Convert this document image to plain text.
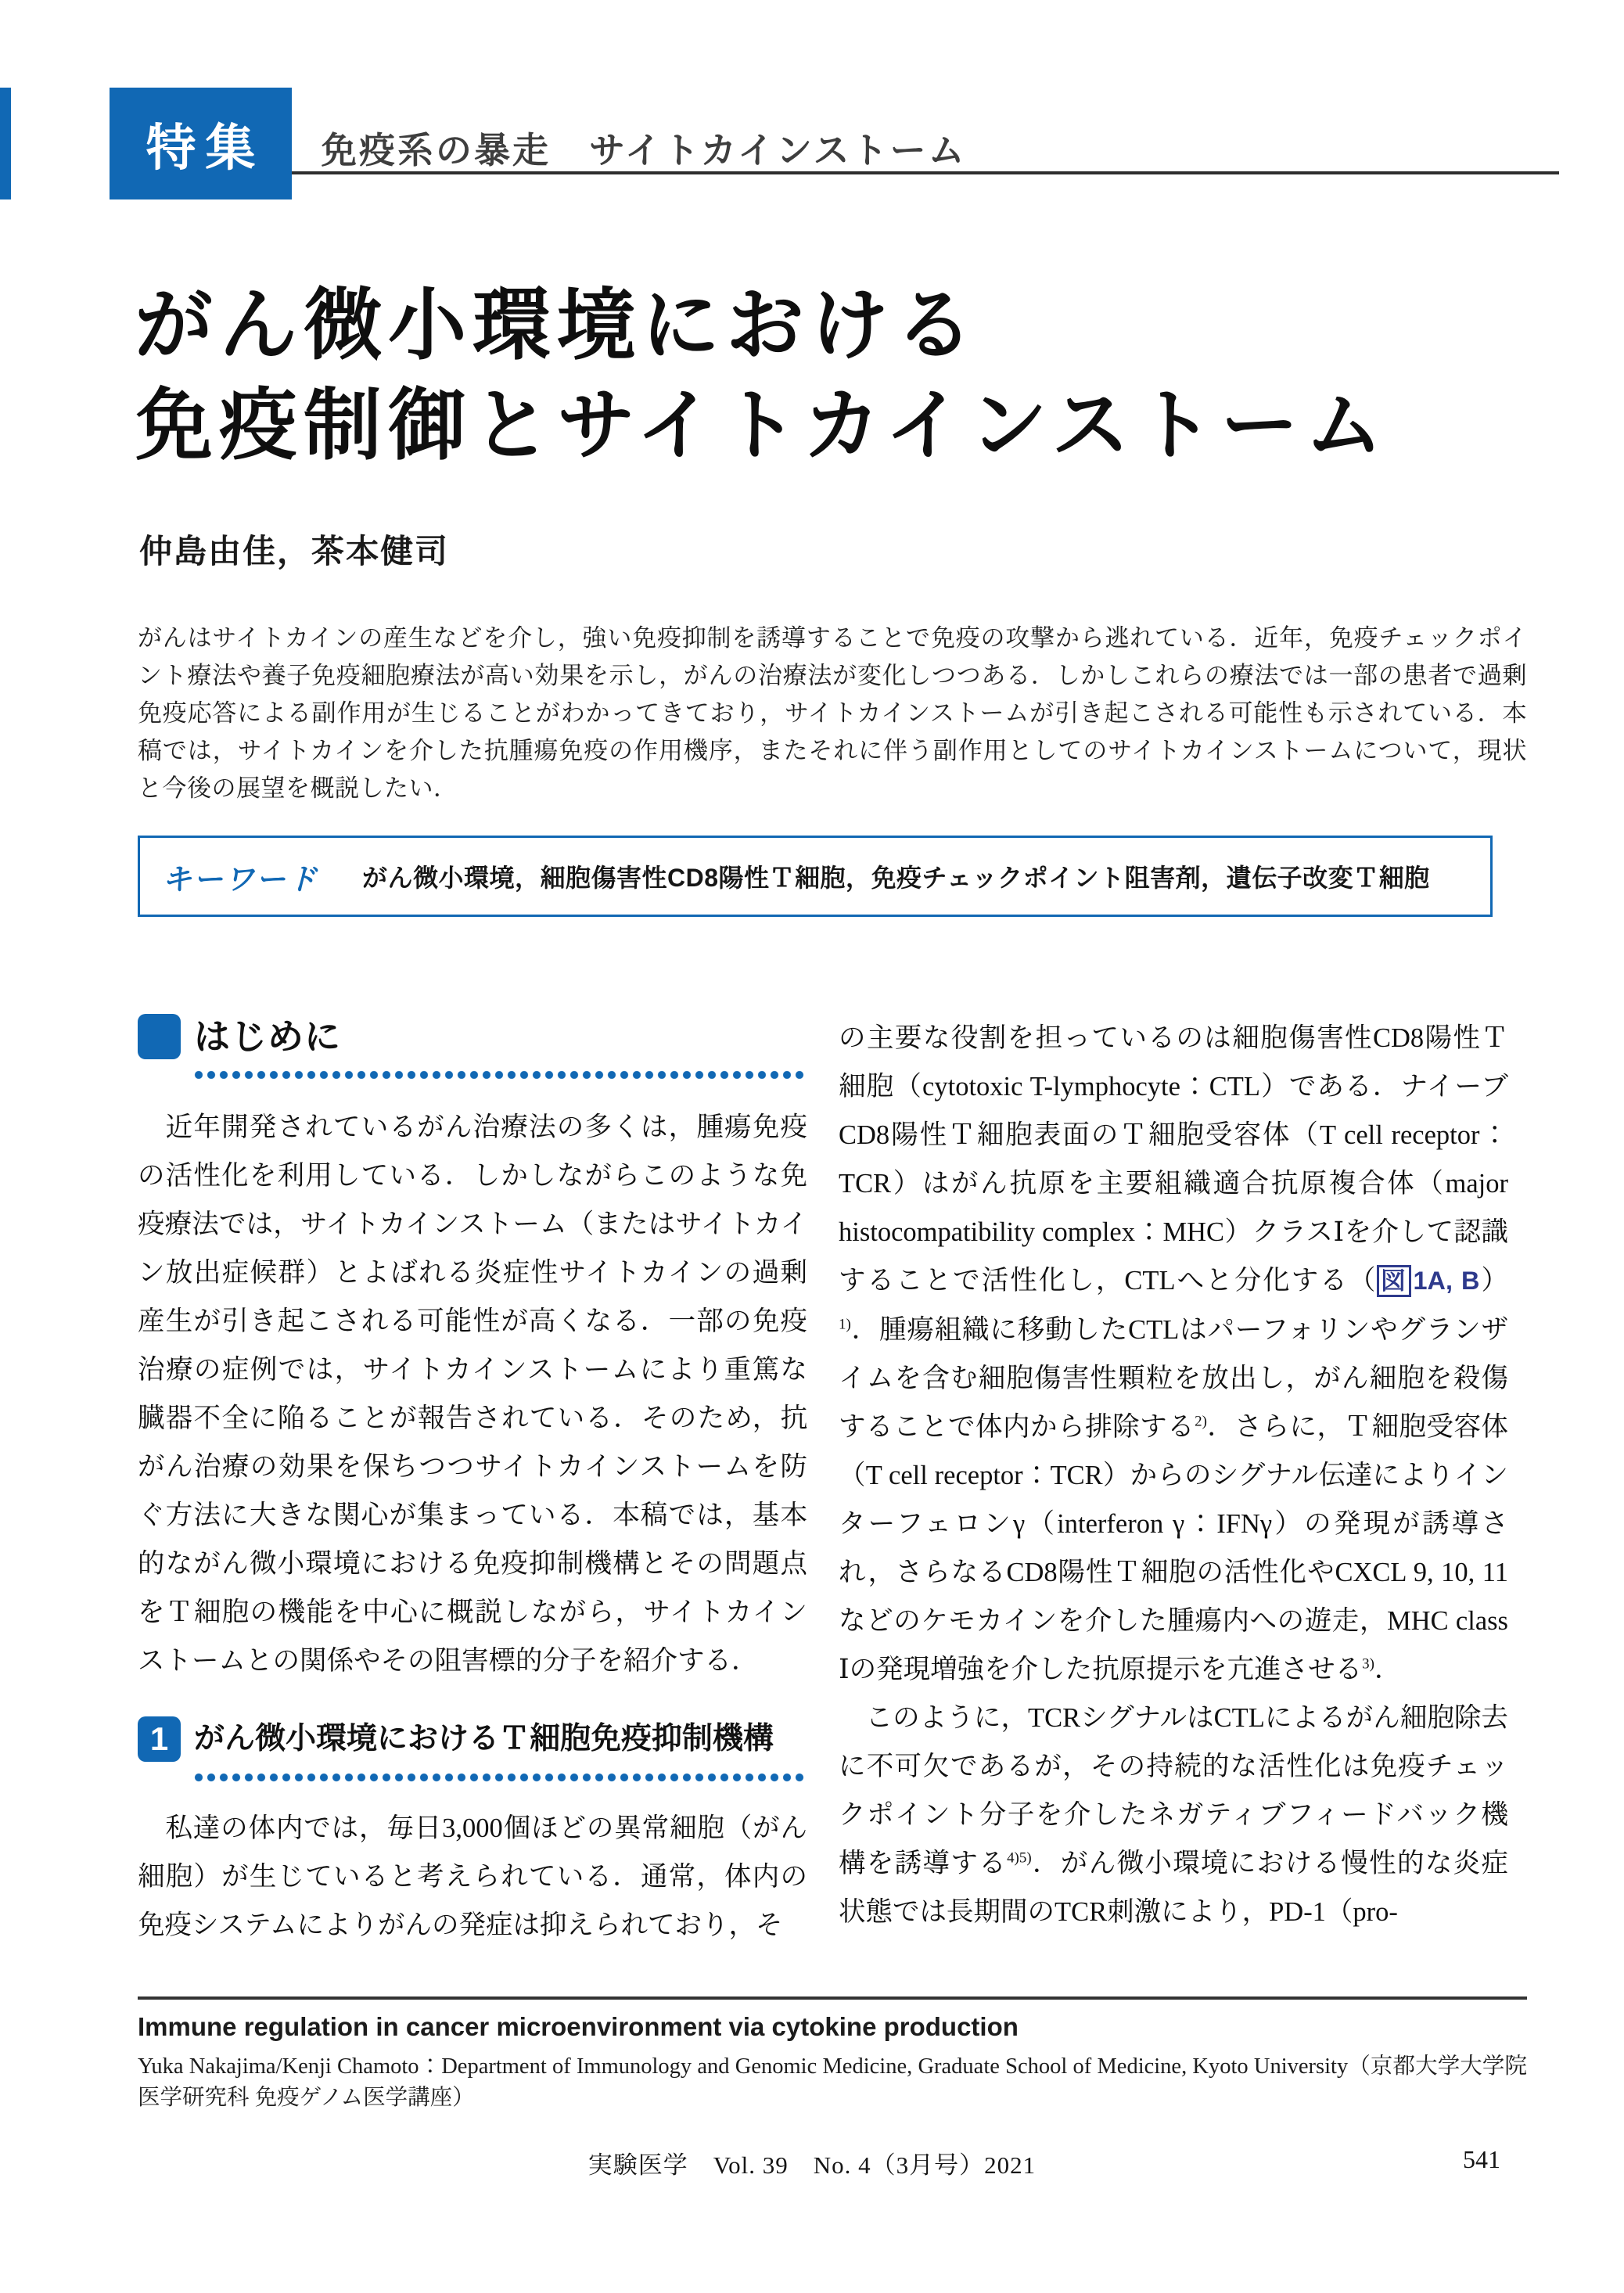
特集 免疫系の暴走　サイトカインストーム
がん微小環境における
免疫制御とサイトカインストーム
仲島由佳，茶本健司
がんはサイトカインの産生などを介し，強い免疫抑制を誘導することで免疫の攻撃から逃れている．近年，免疫チェックポイント療法や養子免疫細胞療法が高い効果を示し，がんの治療法が変化しつつある．しかしこれらの療法では一部の患者で過剰免疫応答による副作用が生じることがわかってきており，サイトカインストームが引き起こされる可能性も示されている．本稿では，サイトカインを介した抗腫瘍免疫の作用機序，またそれに伴う副作用としてのサイトカインストームについて，現状と今後の展望を概説したい．
キーワード がん微小環境，細胞傷害性CD8陽性Ｔ細胞，免疫チェックポイント阻害剤，遺伝子改変Ｔ細胞
はじめに

　近年開発されているがん治療法の多くは，腫瘍免疫の活性化を利用している．しかしながらこのような免疫療法では，サイトカインストーム（またはサイトカイン放出症候群）とよばれる炎症性サイトカインの過剰産生が引き起こされる可能性が高くなる．一部の免疫治療の症例では，サイトカインストームにより重篤な臓器不全に陥ることが報告されている．そのため，抗がん治療の効果を保ちつつサイトカインストームを防ぐ方法に大きな関心が集まっている．本稿では，基本的ながん微小環境における免疫抑制機構とその問題点をＴ細胞の機能を中心に概説しながら，サイトカインストームとの関係やその阻害標的分子を紹介する．

1 がん微小環境におけるＴ細胞免疫抑制機構

　私達の体内では，毎日3,000個ほどの異常細胞（がん細胞）が生じていると考えられている．通常，体内の免疫システムによりがんの発症は抑えられており，そ

の主要な役割を担っているのは細胞傷害性CD8陽性Ｔ細胞（cytotoxic T-lymphocyte：CTL）である．ナイーブCD8陽性Ｔ細胞表面のＴ細胞受容体（T cell receptor：TCR）はがん抗原を主要組織適合抗原複合体（major histocompatibility complex：MHC）クラスⅠを介して認識することで活性化し，CTLへと分化する（ 図 1A, B）$^{1)}$．腫瘍組織に移動したCTLはパーフォリンやグランザイムを含む細胞傷害性顆粒を放出し，がん細胞を殺傷することで体内から排除する$^{2)}$．さらに，Ｔ細胞受容体（T cell receptor：TCR）からのシグナル伝達によりインターフェロンγ（interferon γ：IFNγ）の発現が誘導され，さらなるCD8陽性Ｔ細胞の活性化やCXCL 9, 10, 11などのケモカインを介した腫瘍内への遊走，MHC class Ⅰの発現増強を介した抗原提示を亢進させる$^{3)}$．

　このように，TCRシグナルはCTLによるがん細胞除去に不可欠であるが，その持続的な活性化は免疫チェックポイント分子を介したネガティブフィードバック機構を誘導する$^{4)5)}$．がん微小環境における慢性的な炎症状態では長期間のTCR刺激により，PD-1（pro-

Immune regulation in cancer microenvironment via cytokine production
Yuka Nakajima/Kenji Chamoto：Department of Immunology and Genomic Medicine, Graduate School of Medicine, Kyoto University（京都大学大学院医学研究科 免疫ゲノム医学講座）
実験医学　Vol. 39　No. 4（3月号）2021	541
